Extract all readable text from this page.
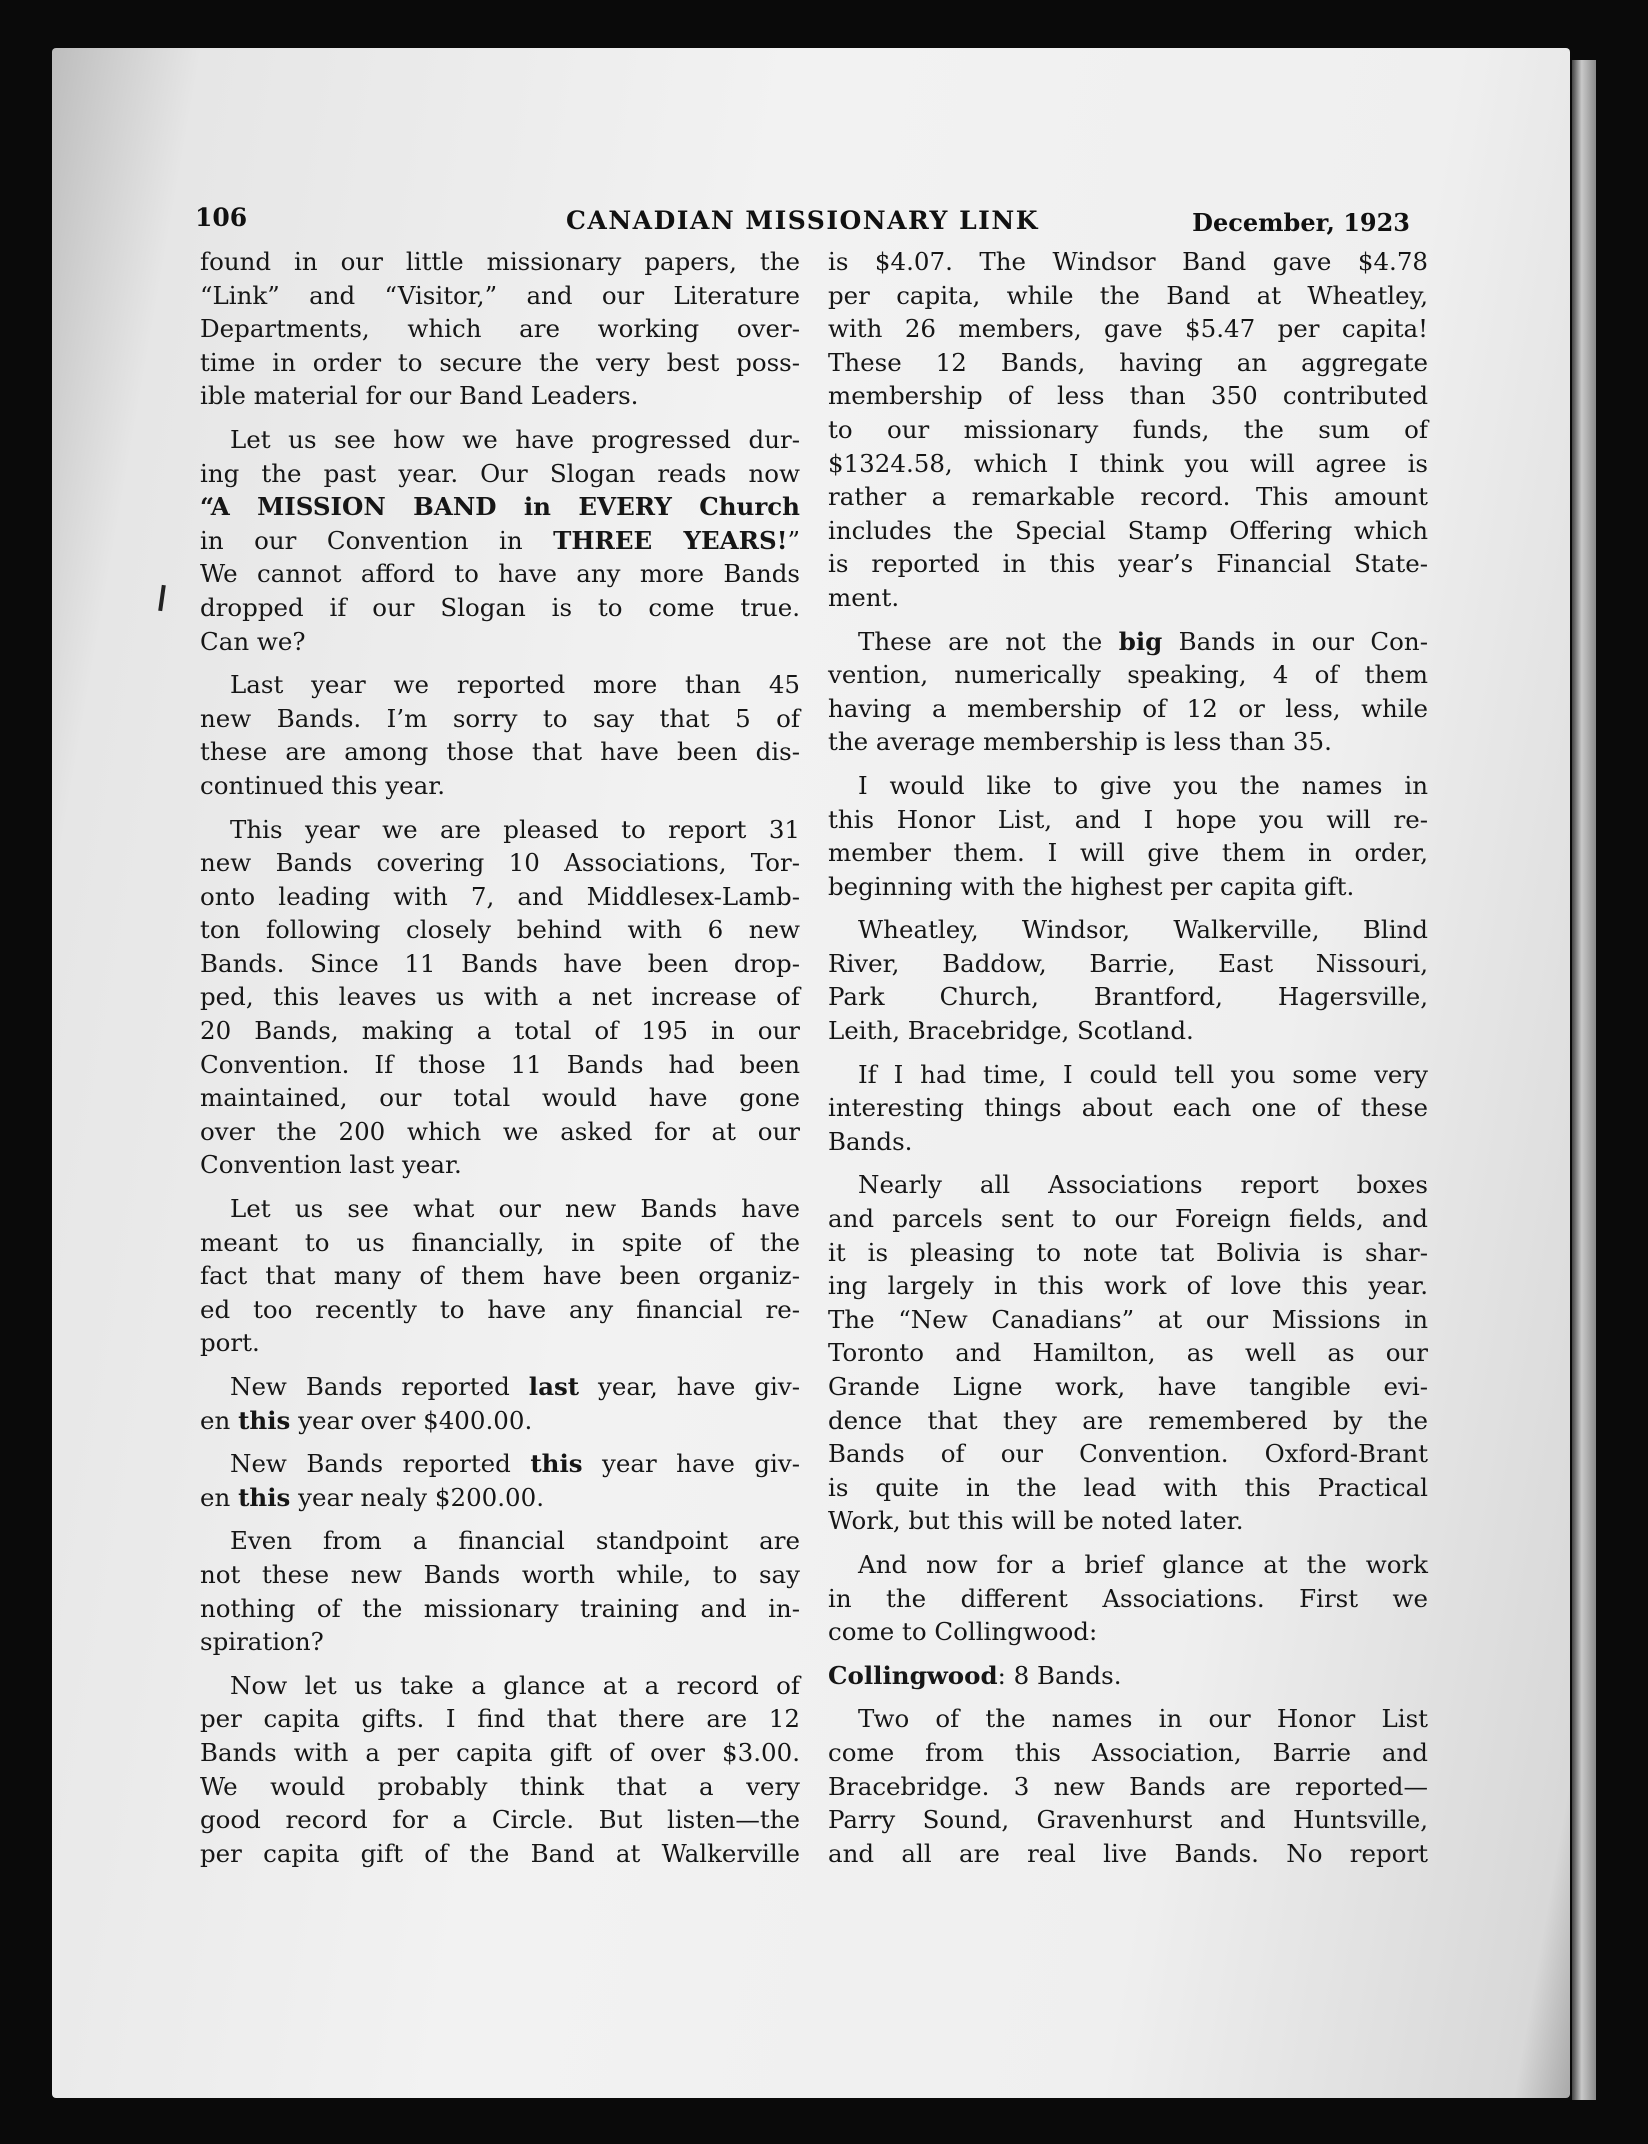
106	CANADIAN MISSIONARY LINK	December, 1923

found in our little missionary papers, the
“Link” and “Visitor,” and our Literature
Departments, which are working over-
time in order to secure the very best poss-
ible material for our Band Leaders.

Let us see how we have progressed dur-
ing the past year. Our Slogan reads now
“A MISSION BAND in EVERY Church
in our Convention in THREE YEARS!”
We cannot afford to have any more Bands
dropped if our Slogan is to come true.
Can we?

Last year we reported more than 45
new Bands. I’m sorry to say that 5 of
these are among those that have been dis-
continued this year.

This year we are pleased to report 31
new Bands covering 10 Associations, Tor-
onto leading with 7, and Middlesex-Lamb-
ton following closely behind with 6 new
Bands. Since 11 Bands have been drop-
ped, this leaves us with a net increase of
20 Bands, making a total of 195 in our
Convention. If those 11 Bands had been
maintained, our total would have gone
over the 200 which we asked for at our
Convention last year.

Let us see what our new Bands have
meant to us financially, in spite of the
fact that many of them have been organiz-
ed too recently to have any financial re-
port.

New Bands reported last year, have giv-
en this year over $400.00.

New Bands reported this year have giv-
en this year nealy $200.00.

Even from a financial standpoint are
not these new Bands worth while, to say
nothing of the missionary training and in-
spiration?

Now let us take a glance at a record of
per capita gifts. I find that there are 12
Bands with a per capita gift of over $3.00.
We would probably think that a very
good record for a Circle. But listen—the
per capita gift of the Band at Walkerville

is $4.07. The Windsor Band gave $4.78
per capita, while the Band at Wheatley,
with 26 members, gave $5.47 per capita!
These 12 Bands, having an aggregate
membership of less than 350 contributed
to our missionary funds, the sum of
$1324.58, which I think you will agree is
rather a remarkable record. This amount
includes the Special Stamp Offering which
is reported in this year’s Financial State-
ment.

These are not the big Bands in our Con-
vention, numerically speaking, 4 of them
having a membership of 12 or less, while
the average membership is less than 35.

I would like to give you the names in
this Honor List, and I hope you will re-
member them. I will give them in order,
beginning with the highest per capita gift.

Wheatley, Windsor, Walkerville, Blind
River, Baddow, Barrie, East Nissouri,
Park Church, Brantford, Hagersville,
Leith, Bracebridge, Scotland.

If I had time, I could tell you some very
interesting things about each one of these
Bands.

Nearly all Associations report boxes
and parcels sent to our Foreign fields, and
it is pleasing to note tat Bolivia is shar-
ing largely in this work of love this year.
The “New Canadians” at our Missions in
Toronto and Hamilton, as well as our
Grande Ligne work, have tangible evi-
dence that they are remembered by the
Bands of our Convention. Oxford-Brant
is quite in the lead with this Practical
Work, but this will be noted later.

And now for a brief glance at the work
in the different Associations. First we
come to Collingwood:

Collingwood: 8 Bands.

Two of the names in our Honor List
come from this Association, Barrie and
Bracebridge. 3 new Bands are reported—
Parry Sound, Gravenhurst and Huntsville,
and all are real live Bands. No report
